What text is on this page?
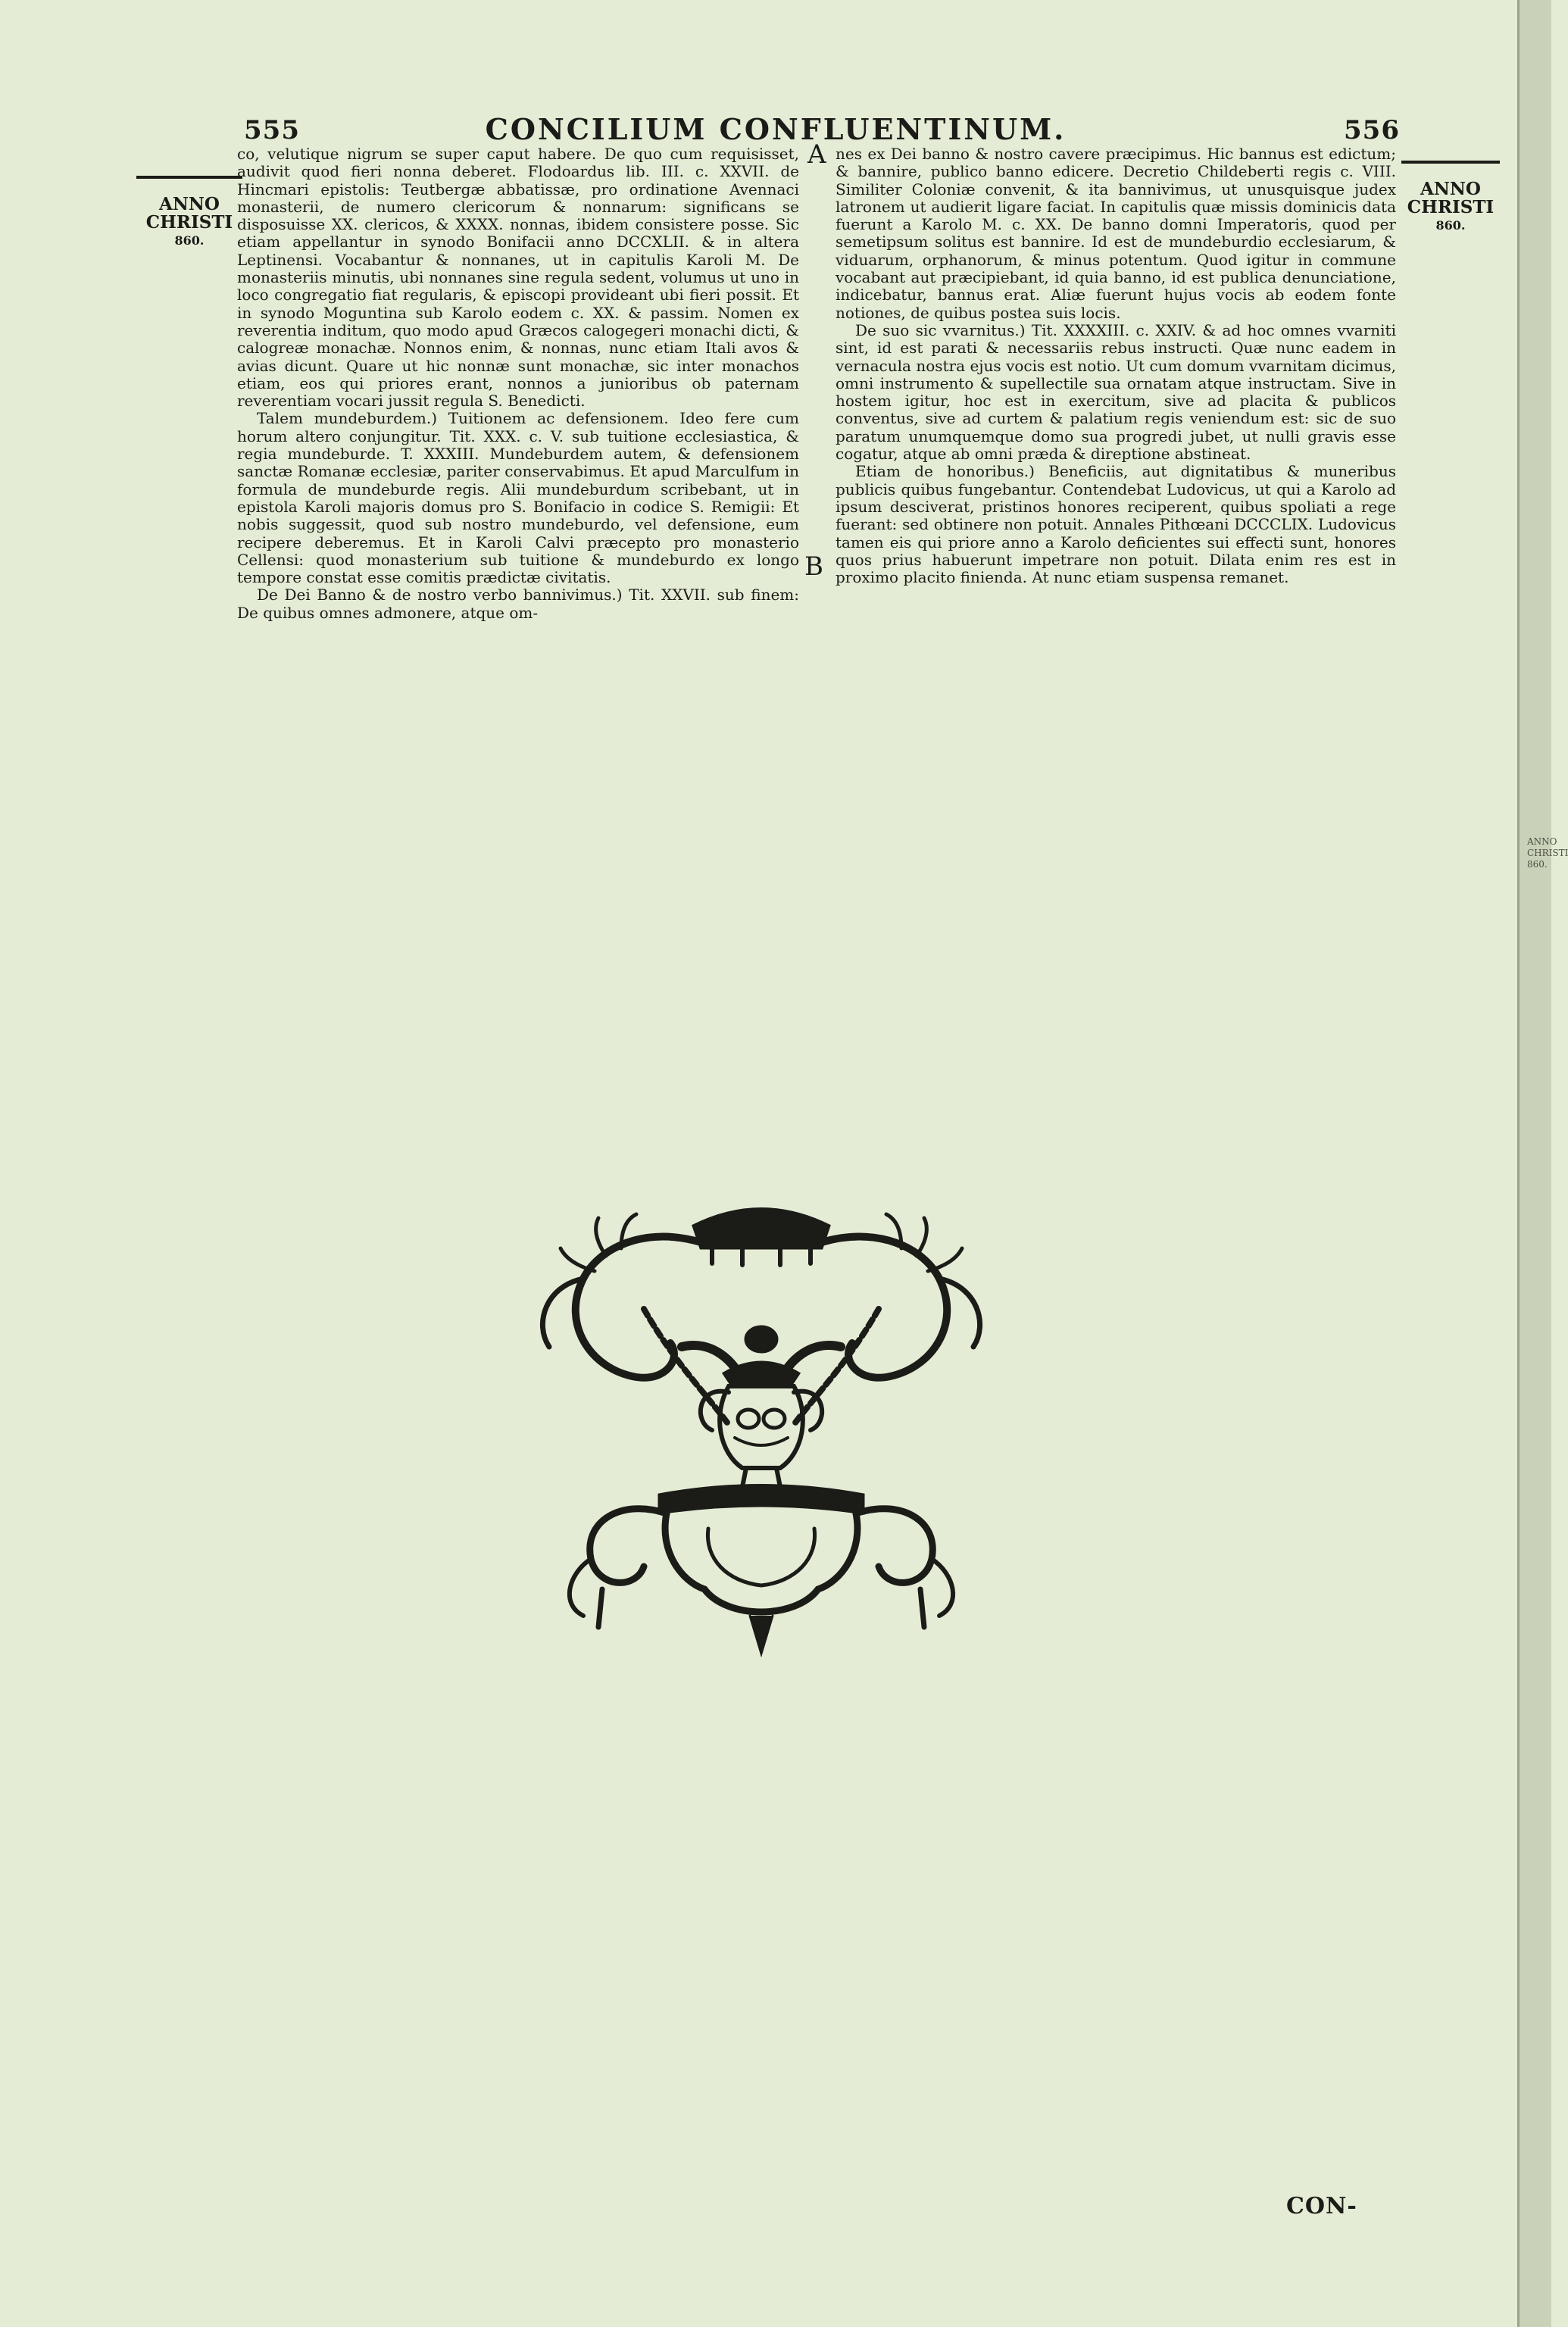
555	CONCILIUM CONFLUENTINUM.	556
ANNO
CHRISTI
860.
ANNO
CHRISTI
860.
A
B

co, velutique nigrum se super caput habere. De quo cum requisisset, audivit quod fieri nonna deberet. Flodoardus lib. III. c. XXVII. de Hincmari epistolis: Teutbergæ abbatissæ, pro ordinatione Avennaci monasterii, de numero clericorum & nonnarum: significans se disposuisse XX. clericos, & XXXX. nonnas, ibidem consistere posse. Sic etiam appellantur in synodo Bonifacii anno DCCXLII. & in altera Leptinensi. Vocabantur & nonnanes, ut in capitulis Karoli M. De monasteriis minutis, ubi nonnanes sine regula sedent, volumus ut uno in loco congregatio fiat regularis, & episcopi provideant ubi fieri possit. Et in synodo Moguntina sub Karolo eodem c. XX. & passim. Nomen ex reverentia inditum, quo modo apud Græcos calogegeri monachi dicti, & calogreæ monachæ. Nonnos enim, & nonnas, nunc etiam Itali avos & avias dicunt. Quare ut hic nonnæ sunt monachæ, sic inter monachos etiam, eos qui priores erant, nonnos a junioribus ob paternam reverentiam vocari jussit regula S. Benedicti.

Talem mundeburdem.) Tuitionem ac defensionem. Ideo fere cum horum altero conjungitur. Tit. XXX. c. V. sub tuitione ecclesiastica, & regia mundeburde. T. XXXIII. Mundeburdem autem, & defensionem sanctæ Romanæ ecclesiæ, pariter conservabimus. Et apud Marculfum in formula de mundeburde regis. Alii mundeburdum scribebant, ut in epistola Karoli majoris domus pro S. Bonifacio in codice S. Remigii: Et nobis suggessit, quod sub nostro mundeburdo, vel defensione, eum recipere deberemus. Et in Karoli Calvi præcepto pro monasterio Cellensi: quod monasterium sub tuitione & mundeburdo ex longo tempore constat esse comitis prædictæ civitatis.

De Dei Banno & de nostro verbo bannivimus.) Tit. XXVII. sub finem: De quibus omnes admonere, atque om-

nes ex Dei banno & nostro cavere præcipimus. Hic bannus est edictum; & bannire, publico banno edicere. Decretio Childeberti regis c. VIII. Similiter Coloniæ convenit, & ita bannivimus, ut unusquisque judex latronem ut audierit ligare faciat. In capitulis quæ missis dominicis data fuerunt a Karolo M. c. XX. De banno domni Imperatoris, quod per semetipsum solitus est bannire. Id est de mundeburdio ecclesiarum, & viduarum, orphanorum, & minus potentum. Quod igitur in commune vocabant aut præcipiebant, id quia banno, id est publica denunciatione, indicebatur, bannus erat. Aliæ fuerunt hujus vocis ab eodem fonte notiones, de quibus postea suis locis.

De suo sic vvarnitus.) Tit. XXXXIII. c. XXIV. & ad hoc omnes vvarniti sint, id est parati & necessariis rebus instructi. Quæ nunc eadem in vernacula nostra ejus vocis est notio. Ut cum domum vvarnitam dicimus, omni instrumento & supellectile sua ornatam atque instructam. Sive in hostem igitur, hoc est in exercitum, sive ad placita & publicos conventus, sive ad curtem & palatium regis veniendum est: sic de suo paratum unumquemque domo sua progredi jubet, ut nulli gravis esse cogatur, atque ab omni præda & direptione abstineat.

Etiam de honoribus.) Beneficiis, aut dignitatibus & muneribus publicis quibus fungebantur. Contendebat Ludovicus, ut qui a Karolo ad ipsum desciverat, pristinos honores reciperent, quibus spoliati a rege fuerant: sed obtinere non potuit. Annales Pithœani DCCCLIX. Ludovicus tamen eis qui priore anno a Karolo deficientes sui effecti sunt, honores quos prius habuerunt impetrare non potuit. Dilata enim res est in proximo placito finienda. At nunc etiam suspensa remanet.

CON-
ANNO
CHRISTI
860.
